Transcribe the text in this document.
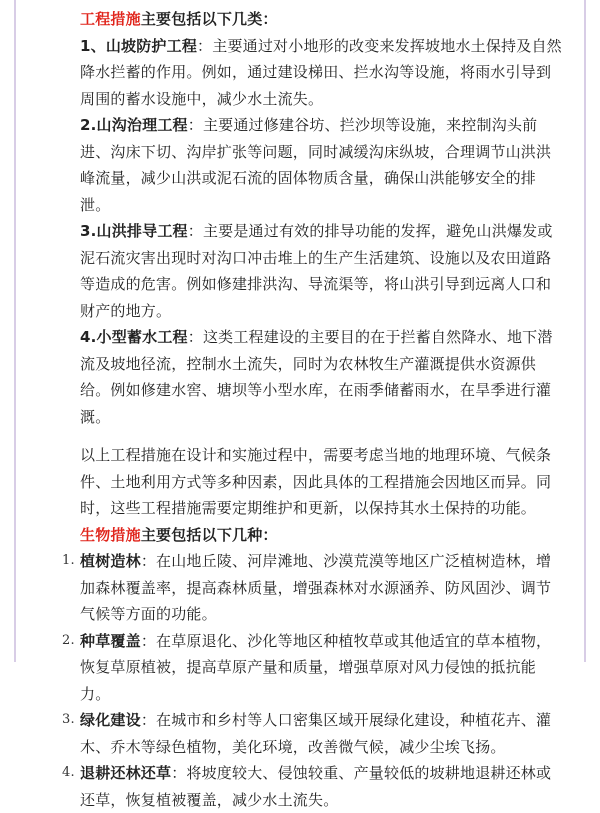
工程措施主要包括以下几类：

1、山坡防护工程：主要通过对小地形的改变来发挥坡地水土保持及自然降水拦蓄的作用。例如，通过建设梯田、拦水沟等设施，将雨水引导到周围的蓄水设施中，减少水土流失。

2.山沟治理工程：主要通过修建谷坊、拦沙坝等设施，来控制沟头前进、沟床下切、沟岸扩张等问题，同时减缓沟床纵坡，合理调节山洪洪峰流量，减少山洪或泥石流的固体物质含量，确保山洪能够安全的排泄。

3.山洪排导工程：主要是通过有效的排导功能的发挥，避免山洪爆发或泥石流灾害出现时对沟口冲击堆上的生产生活建筑、设施以及农田道路等造成的危害。例如修建排洪沟、导流渠等，将山洪引导到远离人口和财产的地方。

4.小型蓄水工程：这类工程建设的主要目的在于拦蓄自然降水、地下潜流及坡地径流，控制水土流失，同时为农林牧生产灌溉提供水资源供给。例如修建水窖、塘坝等小型水库，在雨季储蓄雨水，在旱季进行灌溉。

以上工程措施在设计和实施过程中，需要考虑当地的地理环境、气候条件、土地利用方式等多种因素，因此具体的工程措施会因地区而异。同时，这些工程措施需要定期维护和更新，以保持其水土保持的功能。

生物措施主要包括以下几种：

1. 植树造林：在山地丘陵、河岸滩地、沙漠荒漠等地区广泛植树造林，增加森林覆盖率，提高森林质量，增强森林对水源涵养、防风固沙、调节气候等方面的功能。
2. 种草覆盖：在草原退化、沙化等地区种植牧草或其他适宜的草本植物，恢复草原植被，提高草原产量和质量，增强草原对风力侵蚀的抵抗能力。
3. 绿化建设：在城市和乡村等人口密集区域开展绿化建设，种植花卉、灌木、乔木等绿色植物，美化环境，改善微气候，减少尘埃飞扬。
4. 退耕还林还草：将坡度较大、侵蚀较重、产量较低的坡耕地退耕还林或还草，恢复植被覆盖，减少水土流失。
